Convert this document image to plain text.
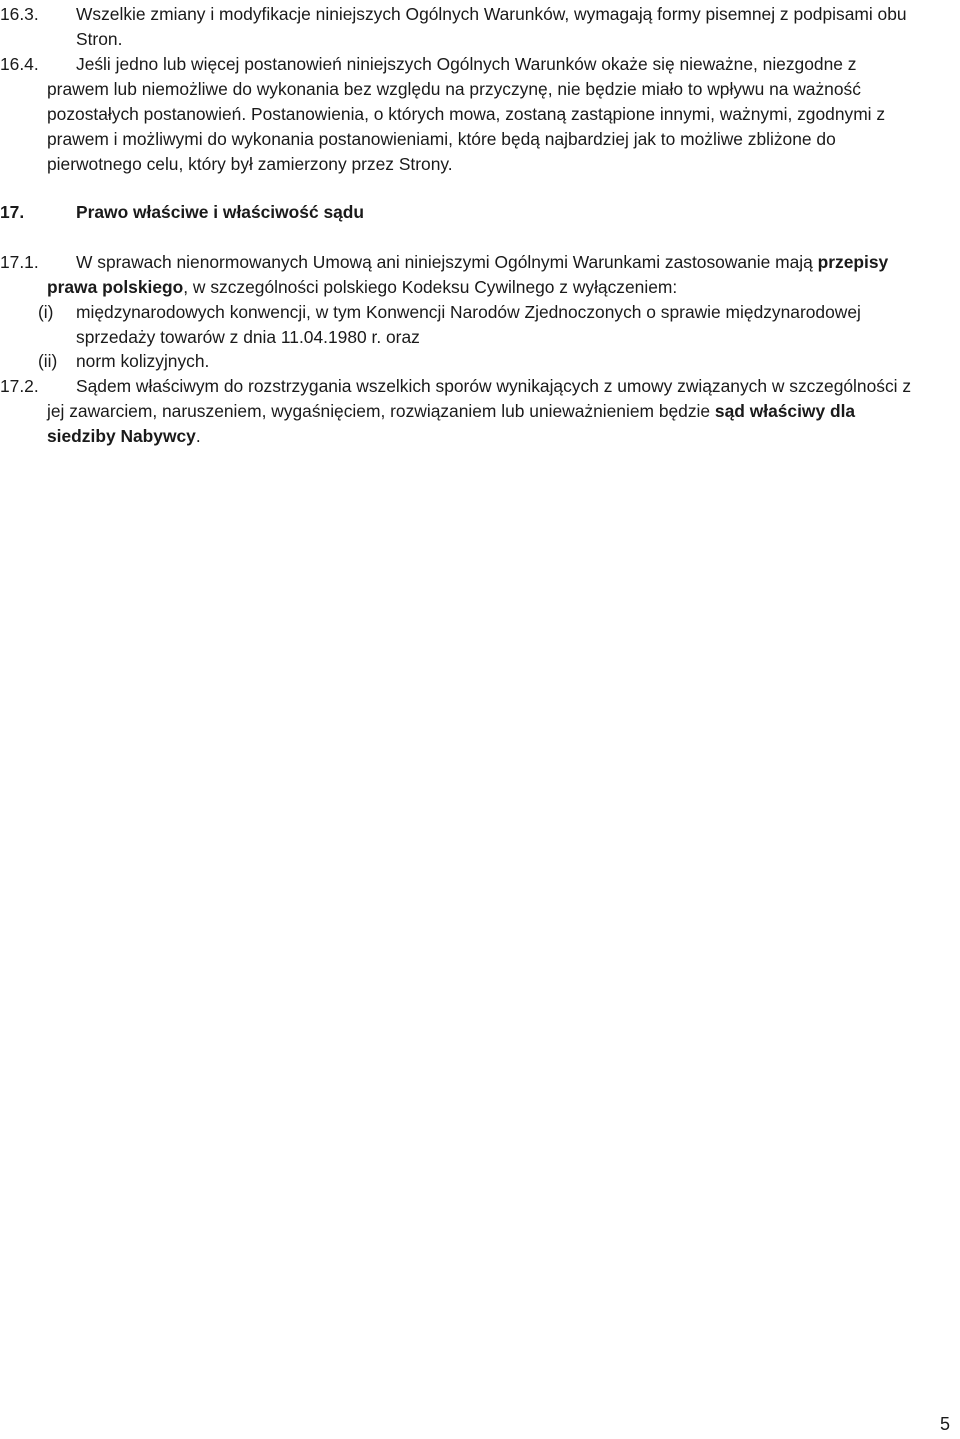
16.3. Wszelkie zmiany i modyfikacje niniejszych Ogólnych Warunków, wymagają formy pisemnej z podpisami obu
Stron.
16.4. Jeśli jedno lub więcej postanowień niniejszych Ogólnych Warunków okaże się nieważne, niezgodne z
prawem lub niemożliwe do wykonania bez względu na przyczynę, nie będzie miało to wpływu na ważność
pozostałych postanowień. Postanowienia, o których mowa, zostaną zastąpione innymi, ważnymi, zgodnymi z
prawem i możliwymi do wykonania postanowieniami, które będą najbardziej jak to możliwe zbliżone do
pierwotnego celu, który był zamierzony przez Strony.
17.	Prawo właściwe i właściwość sądu
17.1. W sprawach nienormowanych Umową ani niniejszymi Ogólnymi Warunkami zastosowanie mają przepisy
prawa polskiego, w szczególności polskiego Kodeksu Cywilnego z wyłączeniem:
(i) międzynarodowych konwencji, w tym Konwencji Narodów Zjednoczonych o sprawie międzynarodowej
sprzedaży towarów z dnia 11.04.1980 r. oraz
(ii) norm kolizyjnych.
17.2. Sądem właściwym do rozstrzygania wszelkich sporów wynikających z umowy związanych w szczególności z
jej zawarciem, naruszeniem, wygaśnięciem, rozwiązaniem lub unieważnieniem będzie sąd właściwy dla
siedziby Nabywcy.
5
